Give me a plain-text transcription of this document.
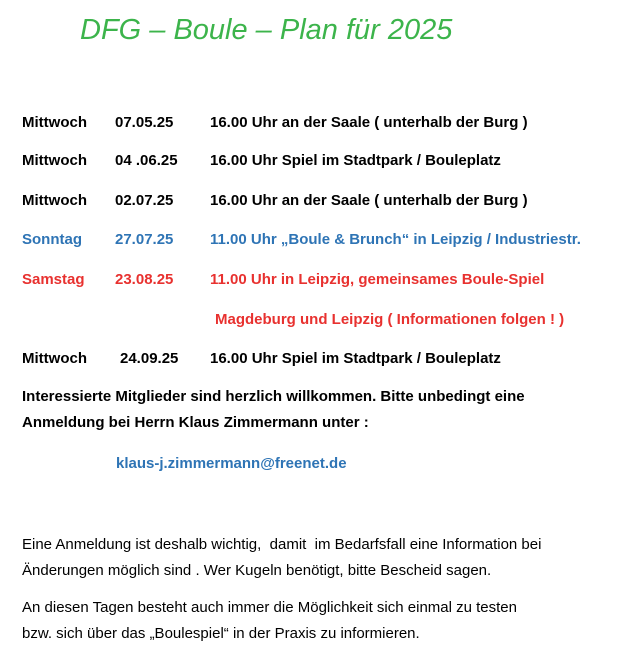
DFG – Boule – Plan für 2025
Mittwoch 07.05.25 16.00 Uhr an der Saale ( unterhalb der Burg )
Mittwoch 04 .06.25 16.00 Uhr Spiel im Stadtpark / Bouleplatz
Mittwoch 02.07.25 16.00 Uhr an der Saale ( unterhalb der Burg )
Sonntag 27.07.25 11.00 Uhr „Boule & Brunch“ in Leipzig / Industriestr.
Samstag 23.08.25 11.00 Uhr in Leipzig, gemeinsames Boule-Spiel
Magdeburg und Leipzig ( Informationen folgen ! )
Mittwoch 24.09.25 16.00 Uhr Spiel im Stadtpark / Bouleplatz
Interessierte Mitglieder sind herzlich willkommen. Bitte unbedingt eine
Anmeldung bei Herrn Klaus Zimmermann unter :
klaus-j.zimmermann@freenet.de
Eine Anmeldung ist deshalb wichtig,  damit  im Bedarfsfall eine Information bei
Änderungen möglich sind . Wer Kugeln benötigt, bitte Bescheid sagen.
An diesen Tagen besteht auch immer die Möglichkeit sich einmal zu testen
bzw. sich über das „Boulespiel“ in der Praxis zu informieren.
